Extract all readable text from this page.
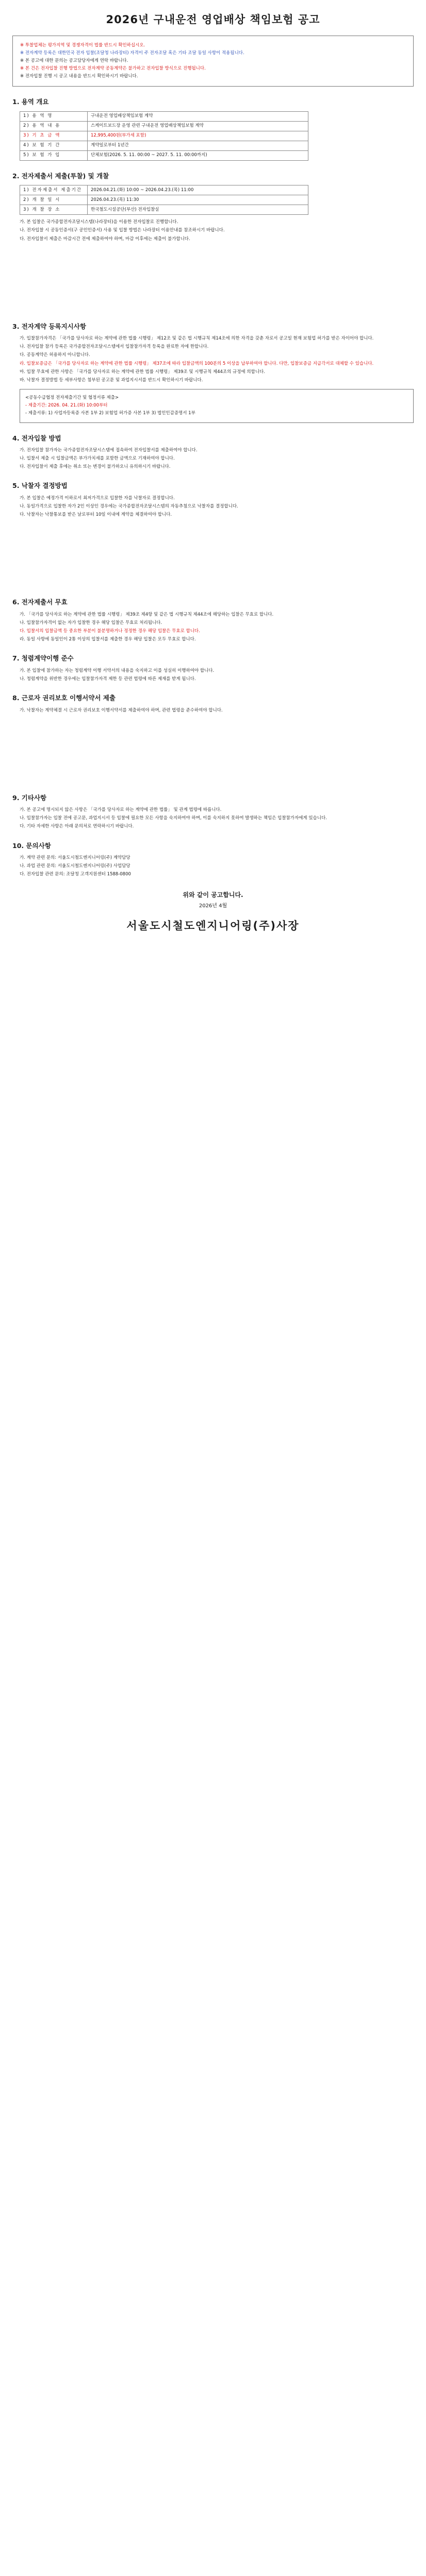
2026년 구내운전 영업배상 책임보험 공고

※ 투찰업체는 평가지역 및 경쟁자격이 법률 반드시 확인하십시오.

※ 전자계약 등록은 대한민국 전자 입찰(조달청 나라장터) 자격이 주 전자조달 혹은 기타 조달 동일 사항이 적용됩니다.

※ 본 공고에 대한 문의는 공고담당자에게 연락 바랍니다.

※ 본 건은 전자입찰 진행 방법으로 전자계약 공동계약은 불가하고 전자입찰 방식으로 진행됩니다.

※ 전자입찰 진행 시 공고 내용을 반드시 확인하시기 바랍니다.

1. 용역 개요
1) 용 역 명	구내운전 영업배상책임보험 계약
2) 용 역 내 용	스케이트보드장 운영 관련 구내운전 영업배상책임보험 계약
3) 기 초 금 액	12,995,400원(부가세 포함)
4) 보 험 기 간	계약일로부터 1년간
5) 보 험 가 입	단체보험(2026. 5. 11. 00:00 ~ 2027. 5. 11. 00:00까지)
2. 전자제출서 제출(투찰) 및 개찰
1) 전자제출서 제출기간	2026.04.21.(화) 10:00 ~ 2026.04.23.(목) 11:00
2) 개 찰 일 시	2026.04.23.(목) 11:30
3) 개 찰 장 소	한국철도시설공단(부산) 전자입찰실

가. 본 입찰은 국가종합전자조달시스템(나라장터)을 이용한 전자입찰로 진행합니다.

나. 전자입찰 시 공동인증서(구 공인인증서) 사용 및 입찰 방법은 나라장터 이용안내를 참조하시기 바랍니다.

다. 전자입찰서 제출은 마감시간 전에 제출하여야 하며, 마감 이후에는 제출이 불가합니다.

3. 전자계약 등록지시사항

가. 입찰참가자격은 「국가를 당사자로 하는 계약에 관한 법률 시행령」 제12조 및 같은 법 시행규칙 제14조에 의한 자격을 갖춘 자로서 공고일 현재 보험업 허가를 받은 자이어야 합니다.

나. 전자입찰 참가 등록은 국가종합전자조달시스템에서 입찰참가자격 등록을 완료한 자에 한합니다.

다. 공동계약은 허용하지 아니합니다.

라. 입찰보증금은 「국가를 당사자로 하는 계약에 관한 법률 시행령」 제37조에 따라 입찰금액의 100분의 5 이상을 납부하여야 합니다. 다만, 입찰보증금 지급각서로 대체할 수 있습니다.

마. 입찰 무효에 관한 사항은 「국가를 당사자로 하는 계약에 관한 법률 시행령」 제39조 및 시행규칙 제44조의 규정에 의합니다.

바. 낙찰자 결정방법 등 세부사항은 첨부된 공고문 및 과업지시서를 반드시 확인하시기 바랍니다.

<공동수급협정 전자제출기간 및 협정서류 제출>

- 제출기간: 2026. 04. 21.(화) 10:00부터

- 제출서류: 1) 사업자등록증 사본 1부 2) 보험업 허가증 사본 1부 3) 법인인감증명서 1부

4. 전자입찰 방법

가. 전자입찰 참가자는 국가종합전자조달시스템에 접속하여 전자입찰서를 제출하여야 합니다.

나. 입찰서 제출 시 입찰금액은 부가가치세를 포함한 금액으로 기재하여야 합니다.

다. 전자입찰서 제출 후에는 취소 또는 변경이 불가하오니 유의하시기 바랍니다.

5. 낙찰자 결정방법

가. 본 입찰은 예정가격 이하로서 최저가격으로 입찰한 자를 낙찰자로 결정합니다.

나. 동일가격으로 입찰한 자가 2인 이상인 경우에는 국가종합전자조달시스템의 자동추첨으로 낙찰자를 결정합니다.

다. 낙찰자는 낙찰통보를 받은 날로부터 10일 이내에 계약을 체결하여야 합니다.

6. 전자제출서 무효

가. 「국가를 당사자로 하는 계약에 관한 법률 시행령」 제39조 제4항 및 같은 법 시행규칙 제44조에 해당하는 입찰은 무효로 합니다.

나. 입찰참가자격이 없는 자가 입찰한 경우 해당 입찰은 무효로 처리됩니다.

다. 입찰서의 입찰금액 등 중요한 부분이 불분명하거나 정정한 경우 해당 입찰은 무효로 합니다.

라. 동일 사항에 동일인이 2통 이상의 입찰서를 제출한 경우 해당 입찰은 모두 무효로 합니다.

7. 청렴계약이행 준수

가. 본 입찰에 참가하는 자는 청렴계약 이행 서약서의 내용을 숙지하고 이를 성실히 이행하여야 합니다.

나. 청렴계약을 위반한 경우에는 입찰참가자격 제한 등 관련 법령에 따른 제재를 받게 됩니다.

8. 근로자 권리보호 이행서약서 제출

가. 낙찰자는 계약체결 시 근로자 권리보호 이행서약서를 제출하여야 하며, 관련 법령을 준수하여야 합니다.

9. 기타사항

가. 본 공고에 명시되지 않은 사항은 「국가를 당사자로 하는 계약에 관한 법률」 및 관계 법령에 따릅니다.

나. 입찰참가자는 입찰 전에 공고문, 과업지시서 등 입찰에 필요한 모든 사항을 숙지하여야 하며, 이를 숙지하지 못하여 발생하는 책임은 입찰참가자에게 있습니다.

다. 기타 자세한 사항은 아래 문의처로 연락하시기 바랍니다.

10. 문의사항

가. 계약 관련 문의: 서울도시철도엔지니어링(주) 계약담당

나. 과업 관련 문의: 서울도시철도엔지니어링(주) 사업담당

다. 전자입찰 관련 문의: 조달청 고객지원센터 1588-0800

위와 같이 공고합니다.
2026년 4월
서울도시철도엔지니어링(주)사장
